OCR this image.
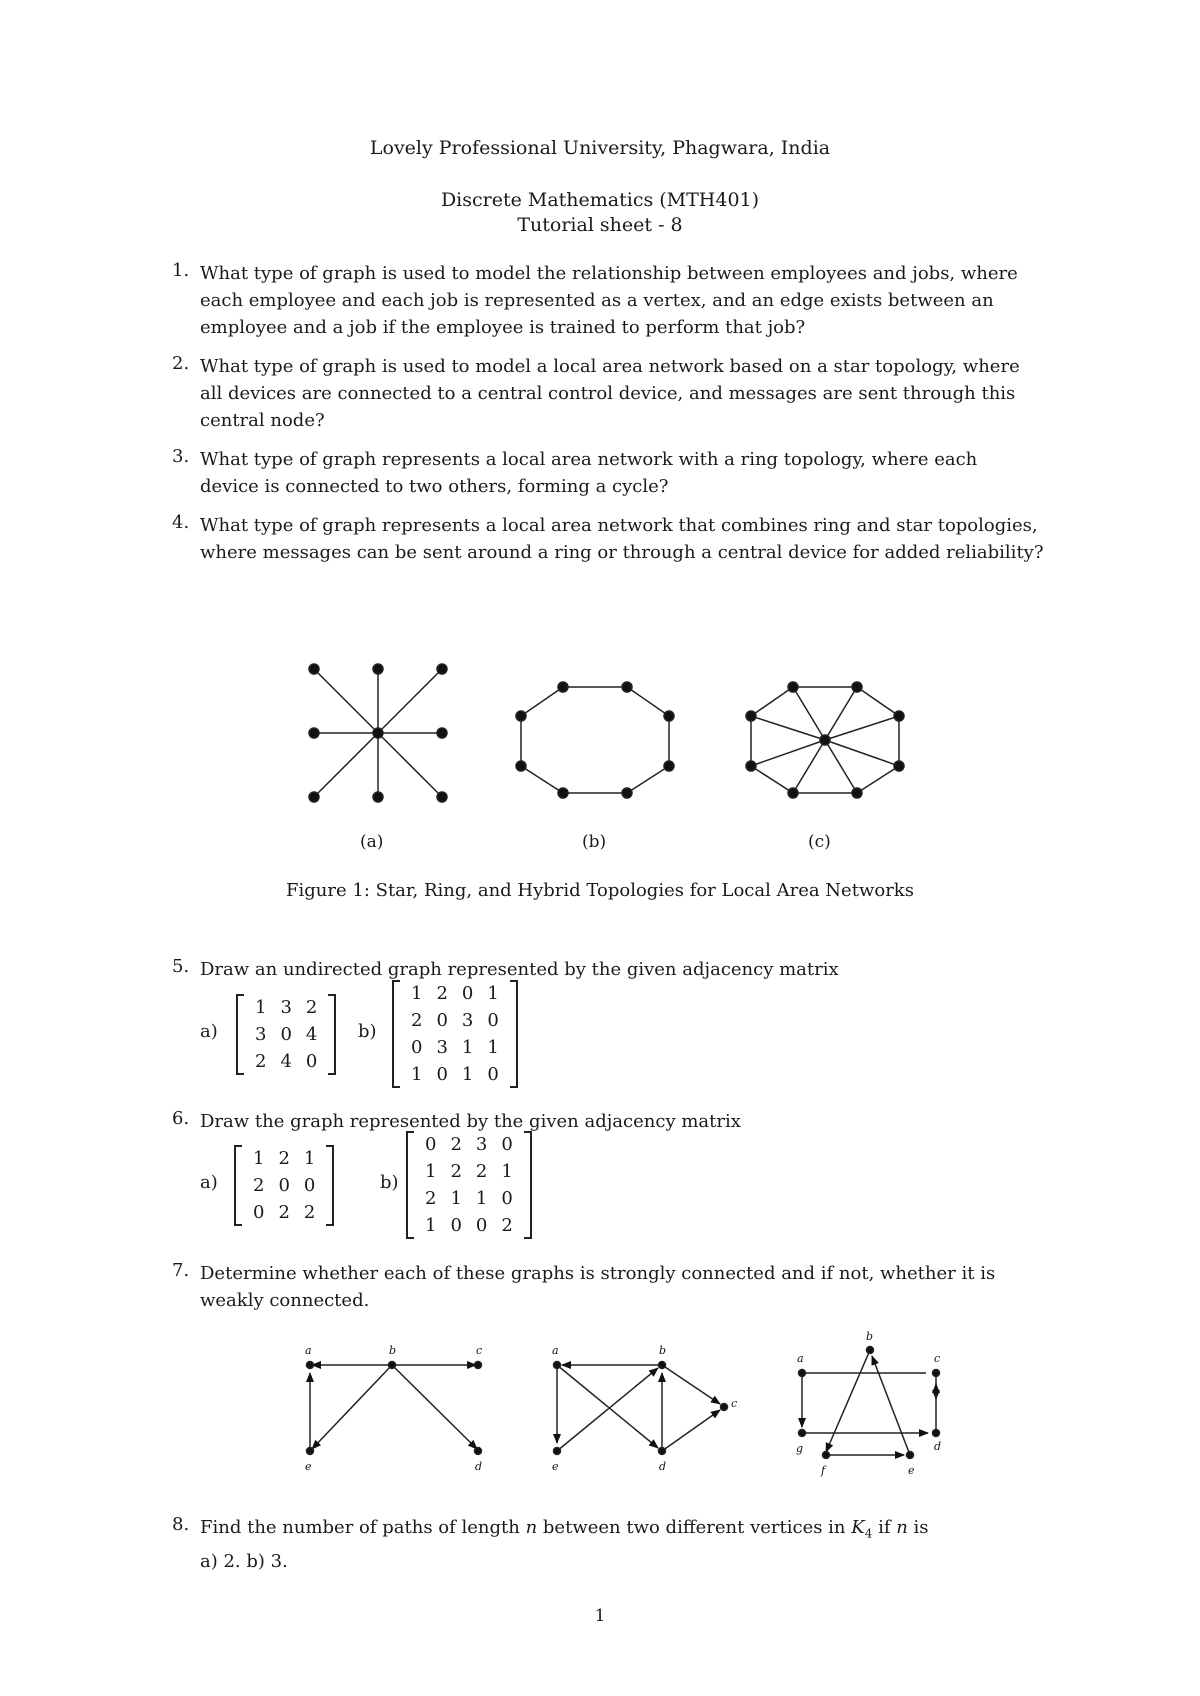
Lovely Professional University, Phagwara, India
Discrete Mathematics (MTH401)
Tutorial sheet - 8
1. What type of graph is used to model the relationship between employees and jobs, where
each employee and each job is represented as a vertex, and an edge exists between an
employee and a job if the employee is trained to perform that job?
2. What type of graph is used to model a local area network based on a star topology, where
all devices are connected to a central control device, and messages are sent through this
central node?
3. What type of graph represents a local area network with a ring topology, where each
device is connected to two others, forming a cycle?
4. What type of graph represents a local area network that combines ring and star topologies,
where messages can be sent around a ring or through a central device for added reliability?
(a)	(b)	(c)
Figure 1: Star, Ring, and Hybrid Topologies for Local Area Networks
5. Draw an undirected graph represented by the given adjacency matrix
a)
1	3	2
3	0	4
2	4	0
b)
1	2	0	1
2	0	3	0
0	3	1	1
1	0	1	0
6. Draw the graph represented by the given adjacency matrix
a)
1	2	1
2	0	0
0	2	2
b)
0	2	3	0
1	2	2	1
2	1	1	0
1	0	0	2
7. Determine whether each of these graphs is strongly connected and if not, whether it is
weakly connected.
a	b	c
d
e
a	b
c
d
e
a
b
c
d
e
f
g
8. Find the number of paths of length n between two different vertices in $K_4$ if n is
a) 2. b) 3.
1
